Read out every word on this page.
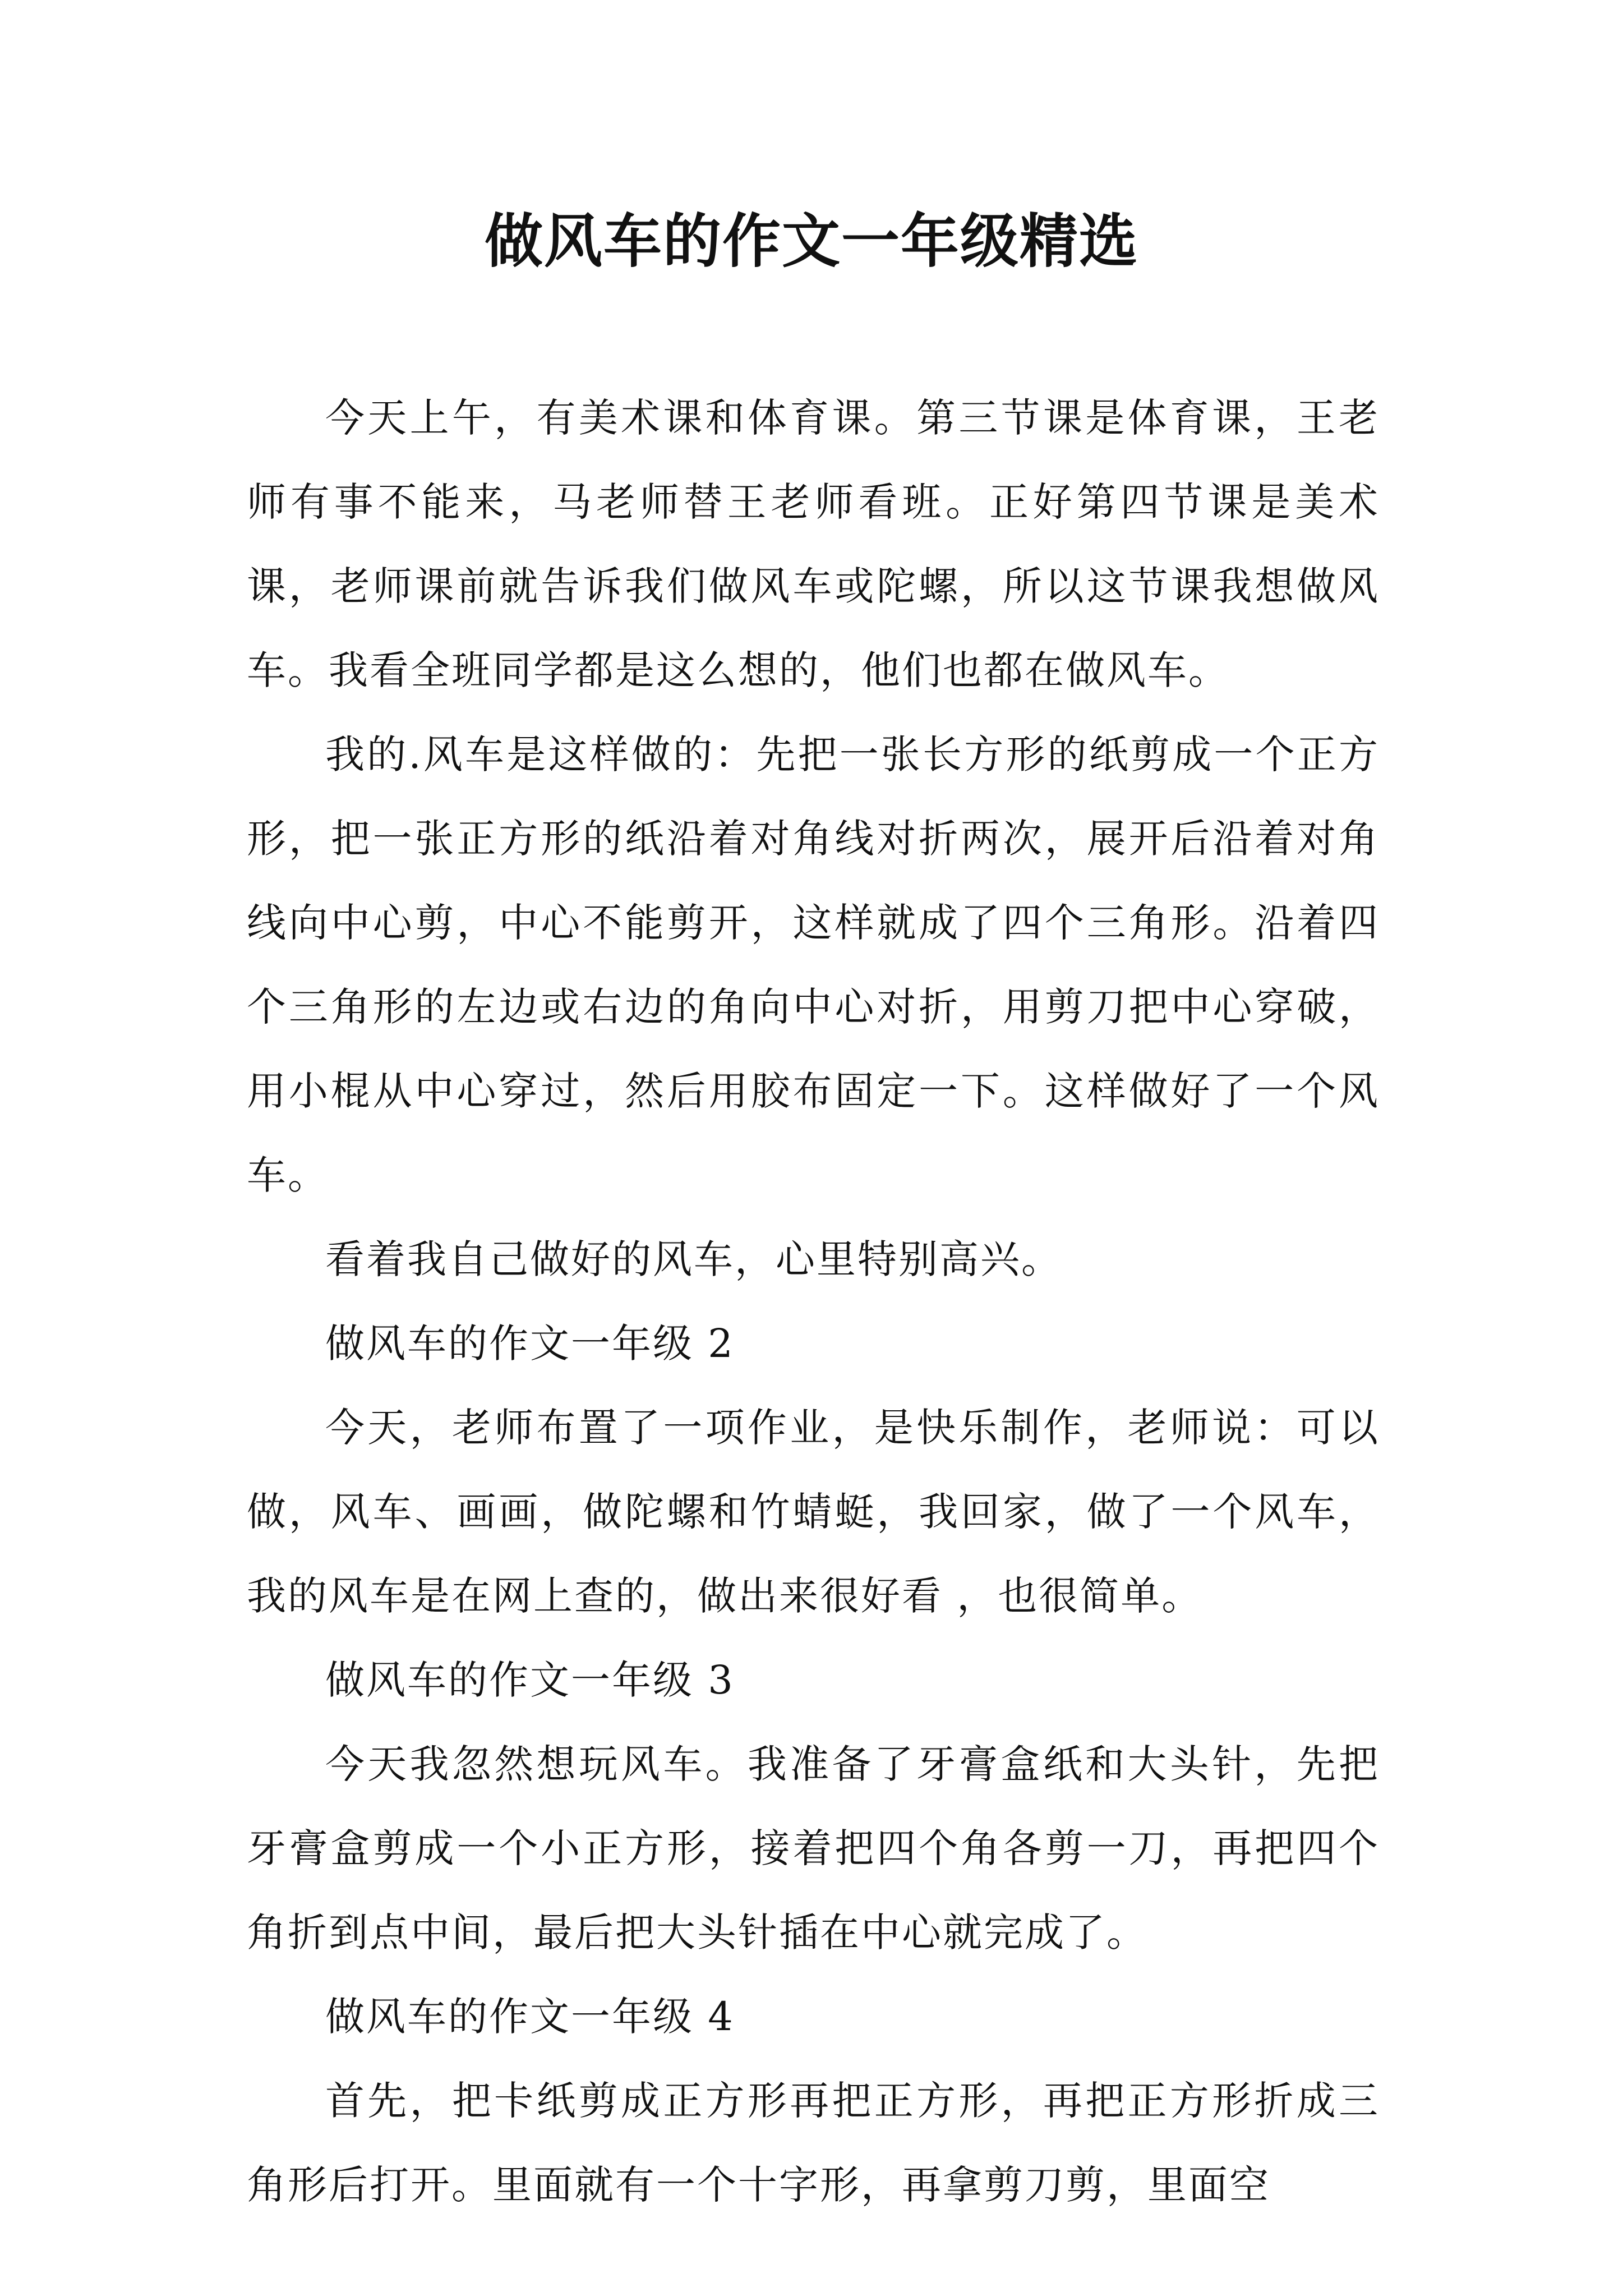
做风车的作文一年级精选

今天上午，有美术课和体育课。第三节课是体育课，王老师有事不能来，马老师替王老师看班。正好第四节课是美术课，老师课前就告诉我们做风车或陀螺，所以这节课我想做风车。我看全班同学都是这么想的，他们也都在做风车。

我的.风车是这样做的：先把一张长方形的纸剪成一个正方形，把一张正方形的纸沿着对角线对折两次，展开后沿着对角线向中心剪，中心不能剪开，这样就成了四个三角形。沿着四个三角形的左边或右边的角向中心对折，用剪刀把中心穿破，用小棍从中心穿过，然后用胶布固定一下。这样做好了一个风车。

看着我自己做好的风车，心里特别高兴。

做风车的作文一年级 2

今天，老师布置了一项作业，是快乐制作，老师说：可以做，风车、画画，做陀螺和竹蜻蜓，我回家，做了一个风车，我的风车是在网上查的，做出来很好看 ，也很简单。

做风车的作文一年级 3

今天我忽然想玩风车。我准备了牙膏盒纸和大头针，先把牙膏盒剪成一个小正方形，接着把四个角各剪一刀，再把四个角折到点中间，最后把大头针插在中心就完成了。

做风车的作文一年级 4

首先，把卡纸剪成正方形再把正方形，再把正方形折成三角形后打开。里面就有一个十字形，再拿剪刀剪，里面空
